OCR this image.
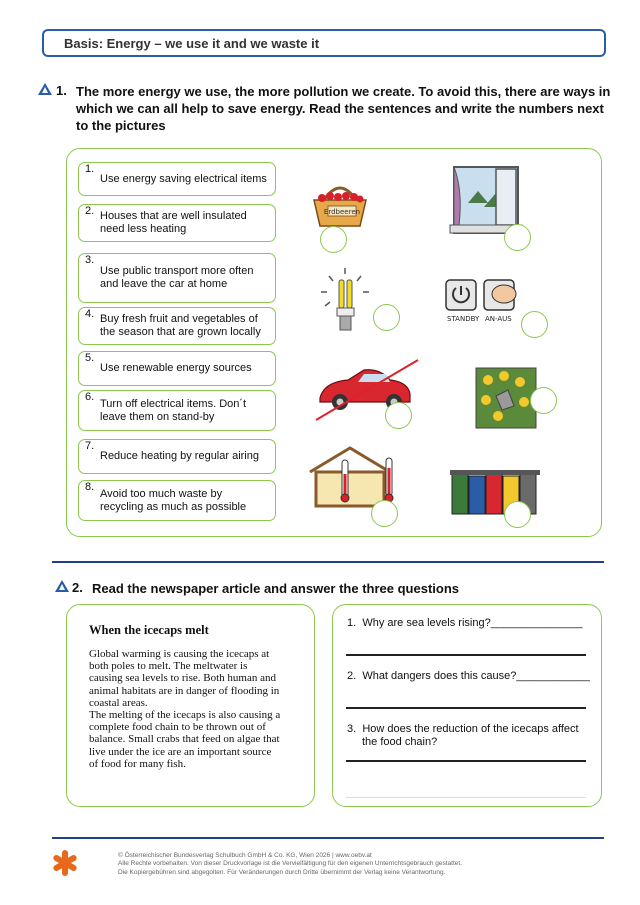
Basis: Energy – we use it and we waste it
1. The more energy we use, the more pollution we create. To avoid this, there are ways in
which we can all help to save energy. Read the sentences and write the numbers next
to the pictures
1.
Use energy saving electrical items
2. Houses that are well insulated
need less heating
3.
Use public transport more often
and leave the car at home
4. Buy fresh fruit and vegetables of
the season that are grown locally
5.
Use renewable energy sources
6.
Turn off electrical items. Don´t
leave them on stand-by
7.
Reduce heating by regular airing
8.
Avoid too much waste by
recycling as much as possible
Erdbeeren
STANDBY AN-AUS
2. Read the newspaper article and answer the three questions
When the icecaps melt
Global warming is causing the icecaps at
both poles to melt. The meltwater is
causing sea levels to rise. Both human and
animal habitats are in danger of flooding in
coastal areas.
The melting of the icecaps is also causing a
complete food chain to be thrown out of
balance. Small crabs that feed on algae that
live under the ice are an important source
of food for many fish.
1. Why are sea levels rising?_______________
2. What dangers does this cause?____________
3. How does the reduction of the icecaps affect
the food chain?
© Österreichischer Bundesverlag Schulbuch GmbH & Co. KG, Wien 2026 | www.oebv.at
Alle Rechte vorbehalten. Von dieser Druckvorlage ist die Vervielfältigung für den eigenen Unterrichtsgebrauch gestattet.
Die Kopiergebühren sind abgegolten. Für Veränderungen durch Dritte übernimmt der Verlag keine Verantwortung.
